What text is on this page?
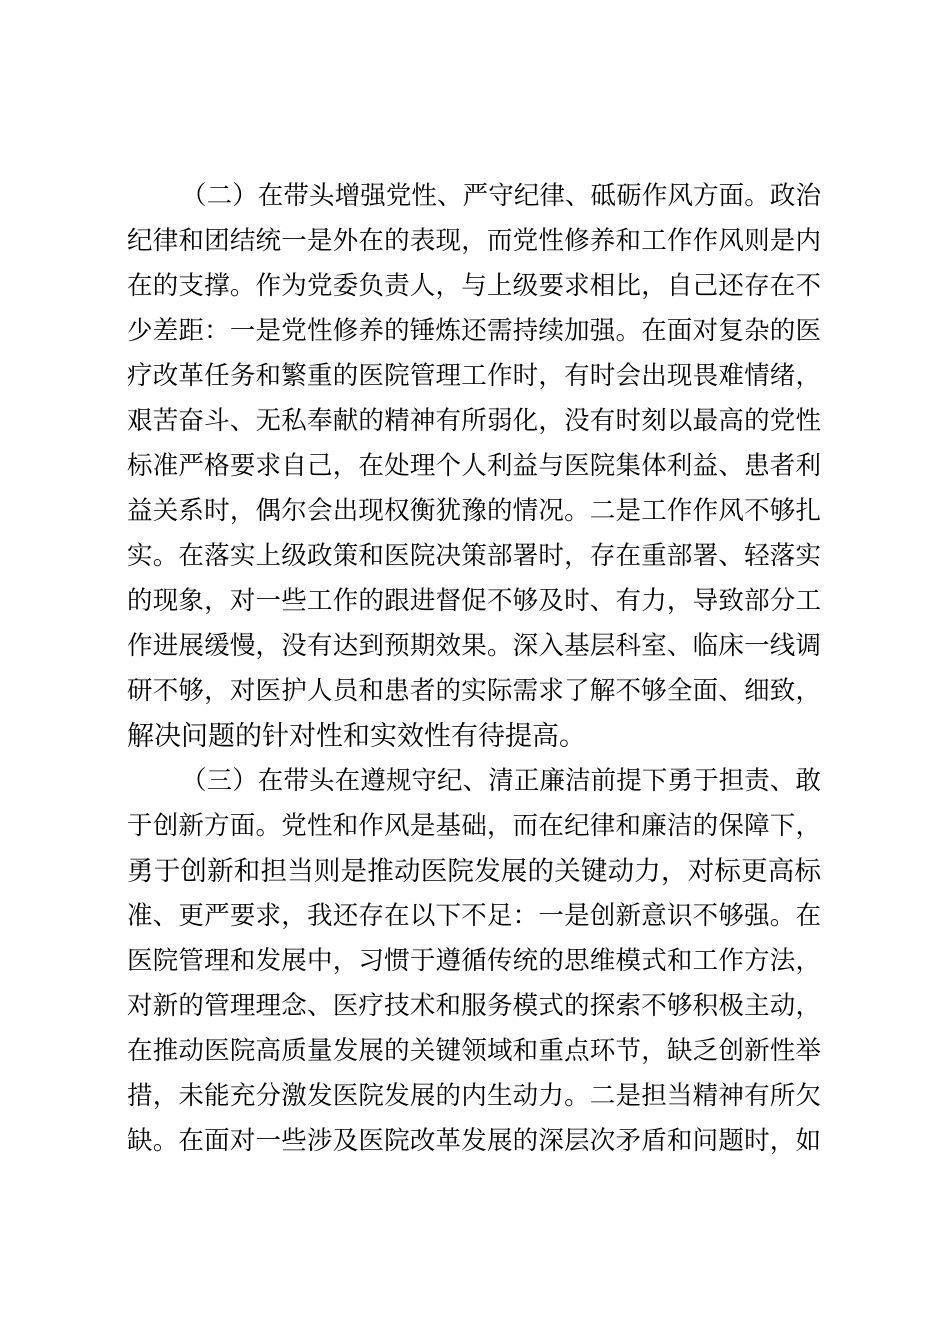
（二）在带头增强党性、严守纪律、砥砺作风方面。政治
纪律和团结统一是外在的表现，而党性修养和工作作风则是内
在的支撑。作为党委负责人，与上级要求相比，自己还存在不
少差距：一是党性修养的锤炼还需持续加强。在面对复杂的医
疗改革任务和繁重的医院管理工作时，有时会出现畏难情绪，
艰苦奋斗、无私奉献的精神有所弱化，没有时刻以最高的党性
标准严格要求自己，在处理个人利益与医院集体利益、患者利
益关系时，偶尔会出现权衡犹豫的情况。二是工作作风不够扎
实。在落实上级政策和医院决策部署时，存在重部署、轻落实
的现象，对一些工作的跟进督促不够及时、有力，导致部分工
作进展缓慢，没有达到预期效果。深入基层科室、临床一线调
研不够，对医护人员和患者的实际需求了解不够全面、细致，
解决问题的针对性和实效性有待提高。
（三）在带头在遵规守纪、清正廉洁前提下勇于担责、敢
于创新方面。党性和作风是基础，而在纪律和廉洁的保障下，
勇于创新和担当则是推动医院发展的关键动力，对标更高标
准、更严要求，我还存在以下不足：一是创新意识不够强。在
医院管理和发展中，习惯于遵循传统的思维模式和工作方法，
对新的管理理念、医疗技术和服务模式的探索不够积极主动，
在推动医院高质量发展的关键领域和重点环节，缺乏创新性举
措，未能充分激发医院发展的内生动力。二是担当精神有所欠
缺。在面对一些涉及医院改革发展的深层次矛盾和问题时，如
